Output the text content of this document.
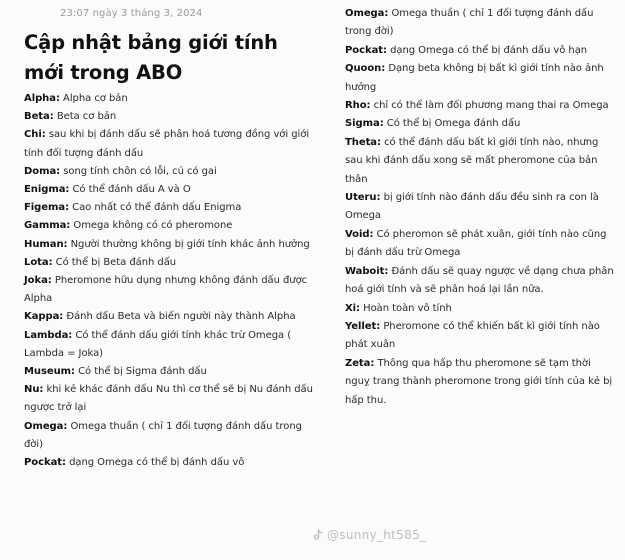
23:07 ngày 3 tháng 3, 2024
Cập nhật bảng giới tính mới trong ABO
Alpha: Alpha cơ bản
Beta: Beta cơ bản
Chi: sau khi bị đánh dấu sẽ phân hoá tương đồng với giới tính đối tượng đánh dấu
Doma: song tính chôn có lỗi, cú có gai
Enigma: Có thể đánh dấu A và O
Figema: Cao nhất có thể đánh dấu Enigma
Gamma: Omega không có có pheromone
Human: Người thường không bị giới tính khác ảnh hưởng
Lota: Có thể bị Beta đánh dấu
Joka: Pheromone hữu dụng nhưng không đánh dấu được Alpha
Kappa: Đánh dấu Beta và biến người này thành Alpha
Lambda: Có thể đánh dấu giới tính khác trừ Omega ( Lambda = Joka)
Museum: Có thể bị Sigma đánh dấu
Nu: khi kẻ khác đánh dấu Nu thì cơ thể sẽ bị Nu đánh dấu ngược trở lại
Omega: Omega thuần ( chỉ 1 đối tượng đánh dấu trong đời)
Pockat: dạng Omega có thể bị đánh dấu vô
Omega: Omega thuần ( chỉ 1 đối tượng đánh dấu trong đời)
Pockat: dạng Omega có thể bị đánh dấu vô hạn
Quoon: Dạng beta không bị bất kì giới tính nào ảnh hưởng
Rho: chỉ có thể làm đối phương mang thai ra Omega
Sigma: Có thể bị Omega đánh dấu
Theta: có thể đánh dấu bất kì giới tính nào, nhưng sau khi đánh dấu xong sẽ mất pheromone của bản thân
Uteru: bị giới tính nào đánh dấu đều sinh ra con là Omega
Void: Có pheromon sẽ phát xuân, giới tính nào cũng bị đánh dấu trừ Omega
Waboit: Đánh dấu sẽ quay ngược về dạng chưa phân hoá giới tính và sẽ phân hoá lại lần nữa.
Xi: Hoàn toàn vô tính
Yellet: Pheromone có thể khiến bất kì giới tính nào phát xuân
Zeta: Thông qua hấp thu pheromone sẽ tạm thời nguỵ trang thành pheromone trong giới tính của kẻ bị hấp thu.
@sunny_ht585_
